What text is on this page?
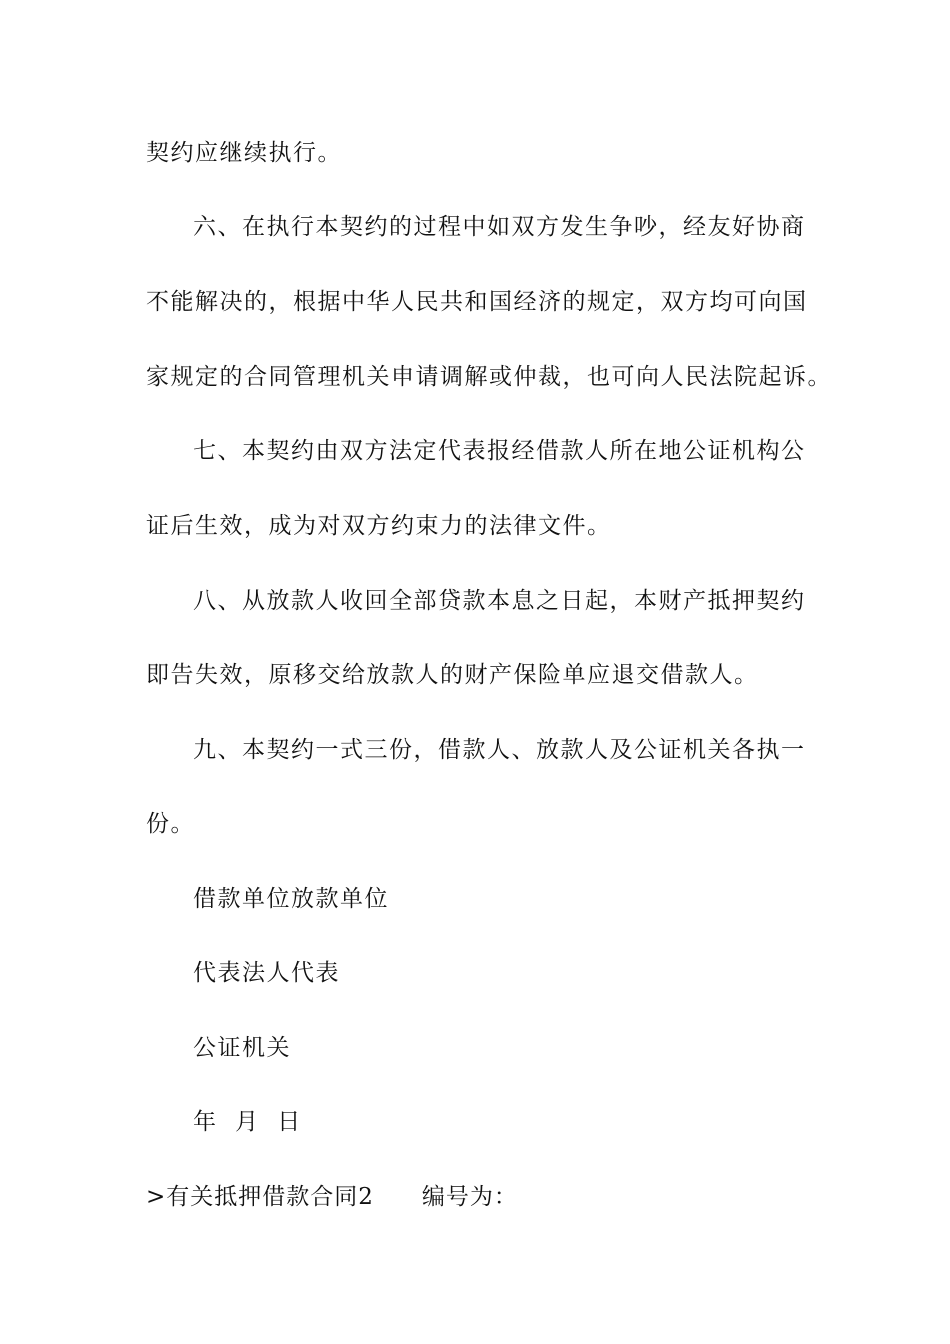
契约应继续执行。
六、在执行本契约的过程中如双方发生争吵，经友好协商
不能解决的，根据中华人民共和国经济的规定，双方均可向国
家规定的合同管理机关申请调解或仲裁，也可向人民法院起诉。
七、本契约由双方法定代表报经借款人所在地公证机构公
证后生效，成为对双方约束力的法律文件。
八、从放款人收回全部贷款本息之日起，本财产抵押契约
即告失效，原移交给放款人的财产保险单应退交借款人。
九、本契约一式三份，借款人、放款人及公证机关各执一
份。
借款单位放款单位
代表法人代表
公证机关
年  月  日
>有关抵押借款合同2 编号为：
